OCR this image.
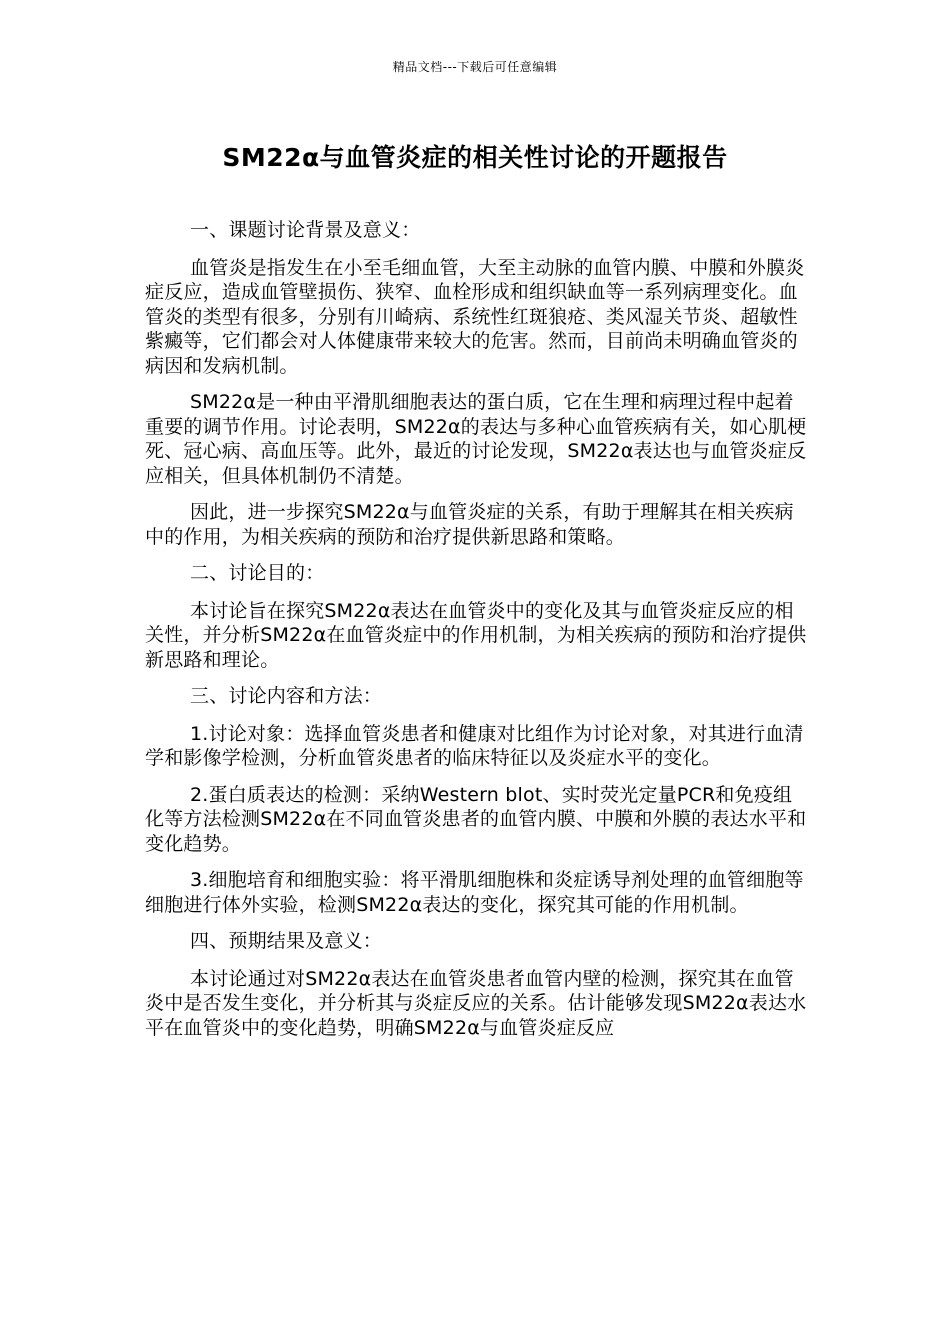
精品文档---下载后可任意编辑
SM22α与血管炎症的相关性讨论的开题报告

一、课题讨论背景及意义：

血管炎是指发生在小至毛细血管，大至主动脉的血管内膜、中膜和外膜炎症反应，造成血管壁损伤、狭窄、血栓形成和组织缺血等一系列病理变化。血管炎的类型有很多，分别有川崎病、系统性红斑狼疮、类风湿关节炎、超敏性紫癜等，它们都会对人体健康带来较大的危害。然而，目前尚未明确血管炎的病因和发病机制。

SM22α是一种由平滑肌细胞表达的蛋白质，它在生理和病理过程中起着重要的调节作用。讨论表明，SM22α的表达与多种心血管疾病有关，如心肌梗死、冠心病、高血压等。此外，最近的讨论发现，SM22α表达也与血管炎症反应相关，但具体机制仍不清楚。

因此，进一步探究SM22α与血管炎症的关系，有助于理解其在相关疾病中的作用，为相关疾病的预防和治疗提供新思路和策略。

二、讨论目的：

本讨论旨在探究SM22α表达在血管炎中的变化及其与血管炎症反应的相关性，并分析SM22α在血管炎症中的作用机制，为相关疾病的预防和治疗提供新思路和理论。

三、讨论内容和方法：

1.讨论对象：选择血管炎患者和健康对比组作为讨论对象，对其进行血清学和影像学检测，分析血管炎患者的临床特征以及炎症水平的变化。

2.蛋白质表达的检测：采纳Western blot、实时荧光定量PCR和免疫组化等方法检测SM22α在不同血管炎患者的血管内膜、中膜和外膜的表达水平和变化趋势。

3.细胞培育和细胞实验：将平滑肌细胞株和炎症诱导剂处理的血管细胞等细胞进行体外实验，检测SM22α表达的变化，探究其可能的作用机制。

四、预期结果及意义：

本讨论通过对SM22α表达在血管炎患者血管内壁的检测，探究其在血管炎中是否发生变化，并分析其与炎症反应的关系。估计能够发现SM22α表达水平在血管炎中的变化趋势，明确SM22α与血管炎症反应
